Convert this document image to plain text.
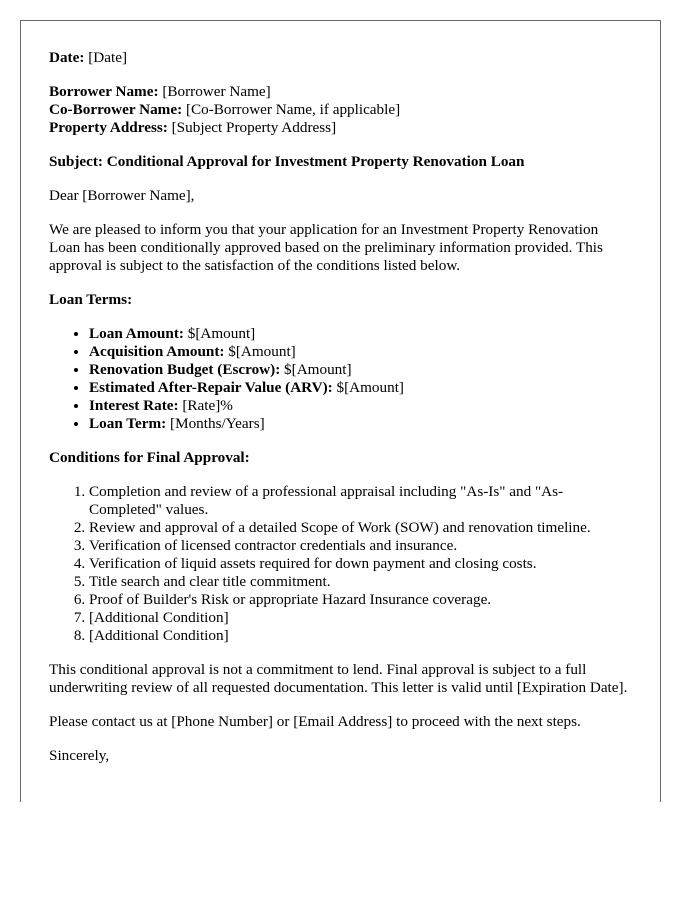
Date: [Date]

Borrower Name: [Borrower Name]
Co-Borrower Name: [Co-Borrower Name, if applicable]
Property Address: [Subject Property Address]

Subject: Conditional Approval for Investment Property Renovation Loan

Dear [Borrower Name],

We are pleased to inform you that your application for an Investment Property Renovation Loan has been conditionally approved based on the preliminary information provided. This approval is subject to the satisfaction of the conditions listed below.

Loan Terms:

• Loan Amount: $[Amount]
• Acquisition Amount: $[Amount]
• Renovation Budget (Escrow): $[Amount]
• Estimated After-Repair Value (ARV): $[Amount]
• Interest Rate: [Rate]%
• Loan Term: [Months/Years]

Conditions for Final Approval:

1. Completion and review of a professional appraisal including "As-Is" and "As-Completed" values.
2. Review and approval of a detailed Scope of Work (SOW) and renovation timeline.
3. Verification of licensed contractor credentials and insurance.
4. Verification of liquid assets required for down payment and closing costs.
5. Title search and clear title commitment.
6. Proof of Builder's Risk or appropriate Hazard Insurance coverage.
7. [Additional Condition]
8. [Additional Condition]

This conditional approval is not a commitment to lend. Final approval is subject to a full underwriting review of all requested documentation. This letter is valid until [Expiration Date].

Please contact us at [Phone Number] or [Email Address] to proceed with the next steps.

Sincerely,
